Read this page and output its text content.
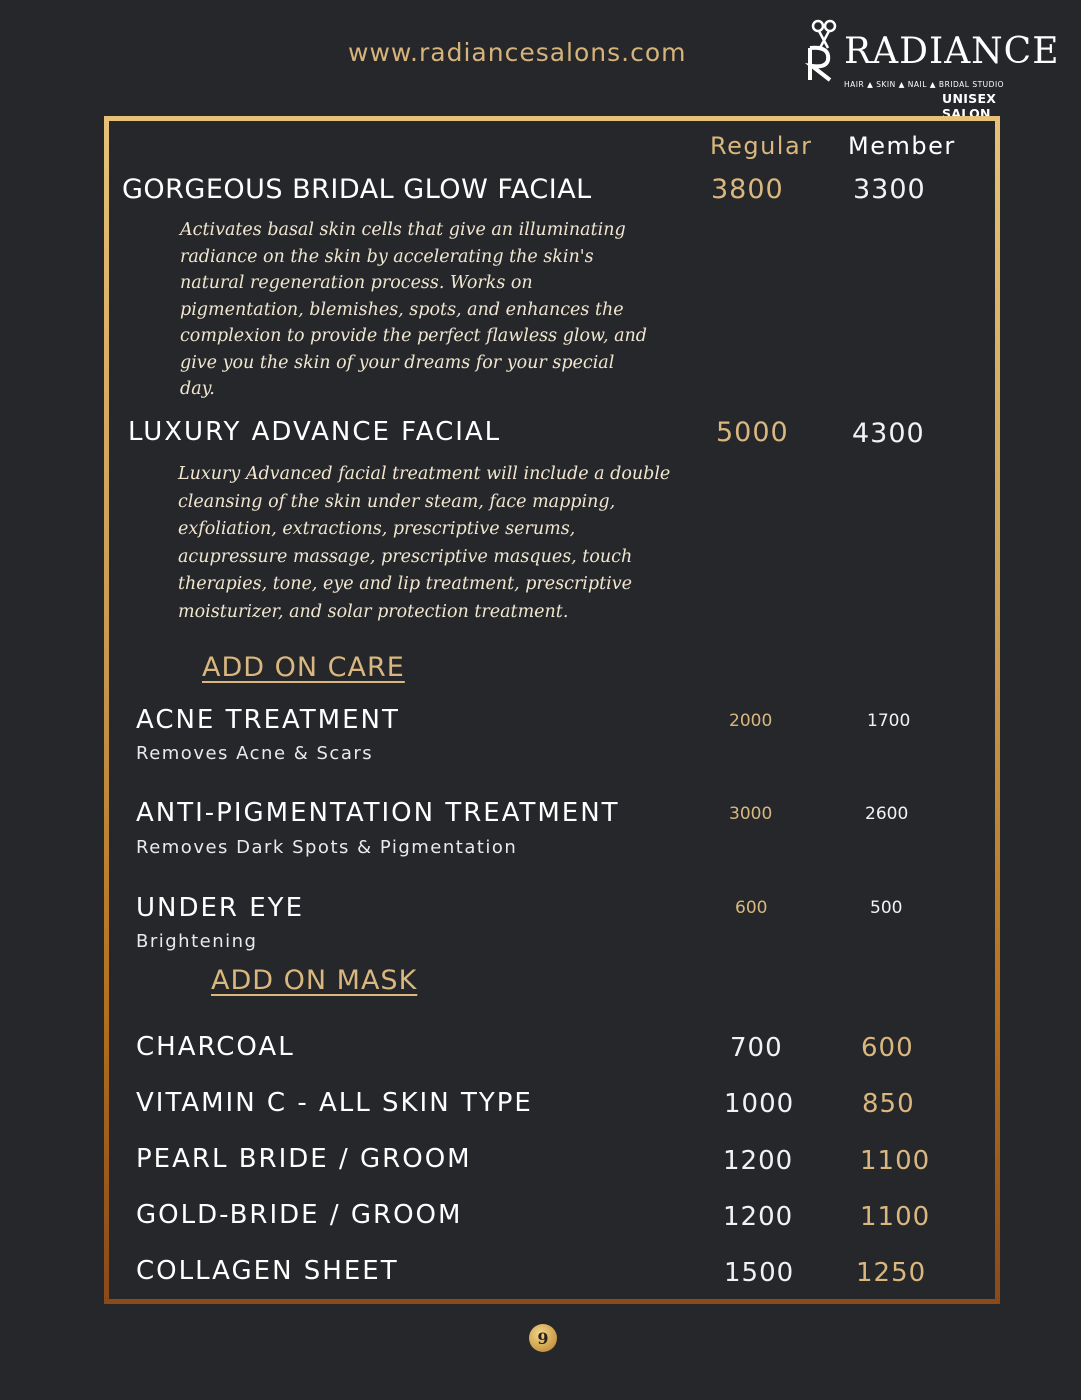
www.radiancesalons.com	RADIANCE
HAIR ▲ SKIN ▲ NAIL ▲ BRIDAL STUDIO
UNISEX SALON
Regular Member
GORGEOUS BRIDAL GLOW FACIAL	3800	3300
Activates basal skin cells that give an illuminating
radiance on the skin by accelerating the skin's
natural regeneration process. Works on
pigmentation, blemishes, spots, and enhances the
complexion to provide the perfect flawless glow, and
give you the skin of your dreams for your special
day.
LUXURY ADVANCE FACIAL	5000 4300
Luxury Advanced facial treatment will include a double
cleansing of the skin under steam, face mapping,
exfoliation, extractions, prescriptive serums,
acupressure massage, prescriptive masques, touch
therapies, tone, eye and lip treatment, prescriptive
moisturizer, and solar protection treatment.
ADD ON CARE
ACNE TREATMENT
Removes Acne & Scars
2000	1700
ANTI-PIGMENTATION TREATMENT
Removes Dark Spots & Pigmentation
3000	2600
UNDER EYE
Brightening
600	500
ADD ON MASK
CHARCOAL	700	600
VITAMIN C - ALL SKIN TYPE	1000	850
PEARL BRIDE / GROOM	1200	1100
GOLD-BRIDE / GROOM	1200	1100
COLLAGEN SHEET	1500 1250
9
